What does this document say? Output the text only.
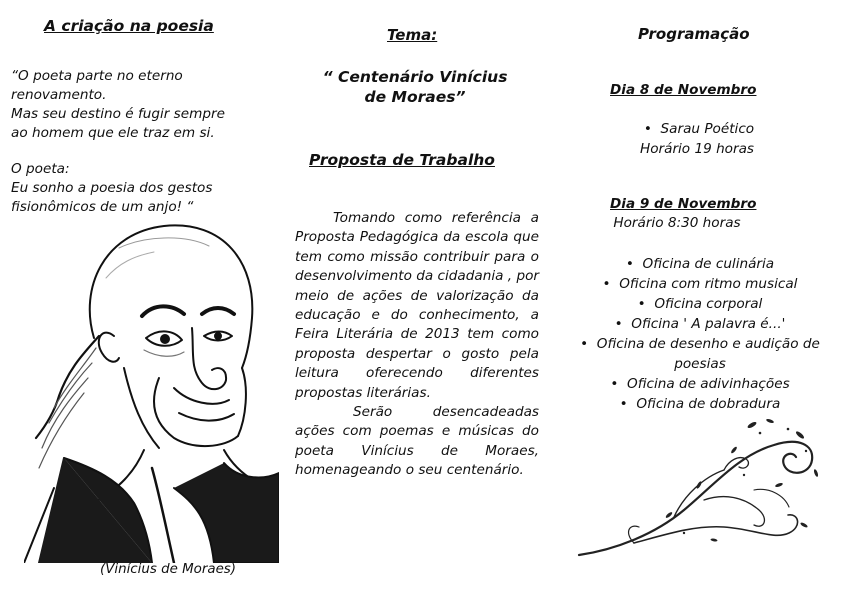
A criação na poesia
“O poeta parte no eterno
renovamento.
Mas seu destino é fugir sempre
ao homem que ele traz em si.
O poeta:
Eu sonho a poesia dos gestos
fisionômicos de um anjo! “
(Vinícius de Moraes)
Tema:
“ Centenário Vinícius
de Moraes”
Proposta de Trabalho

Tomando como referência a Proposta Pedagógica da escola que tem como missão contribuir para o desenvolvimento da cidadania , por meio de ações de valorização da educação e do conhecimento, a Feira Literária de 2013 tem como proposta despertar o gosto pela leitura oferecendo diferentes propostas literárias.

Serão desencadeadas ações com poemas e músicas do poeta Vinícius de Moraes, homenageando o seu centenário.

Programação
Dia 8 de Novembro
•  Sarau Poético
Horário 19 horas
Dia 9 de Novembro
Horário 8:30 horas
•  Oficina de culinária
•  Oficina com ritmo musical
•  Oficina corporal
•  Oficina ' A palavra é...'
•  Oficina de desenho e audição de poesias
•  Oficina de adivinhações
•  Oficina de dobradura
